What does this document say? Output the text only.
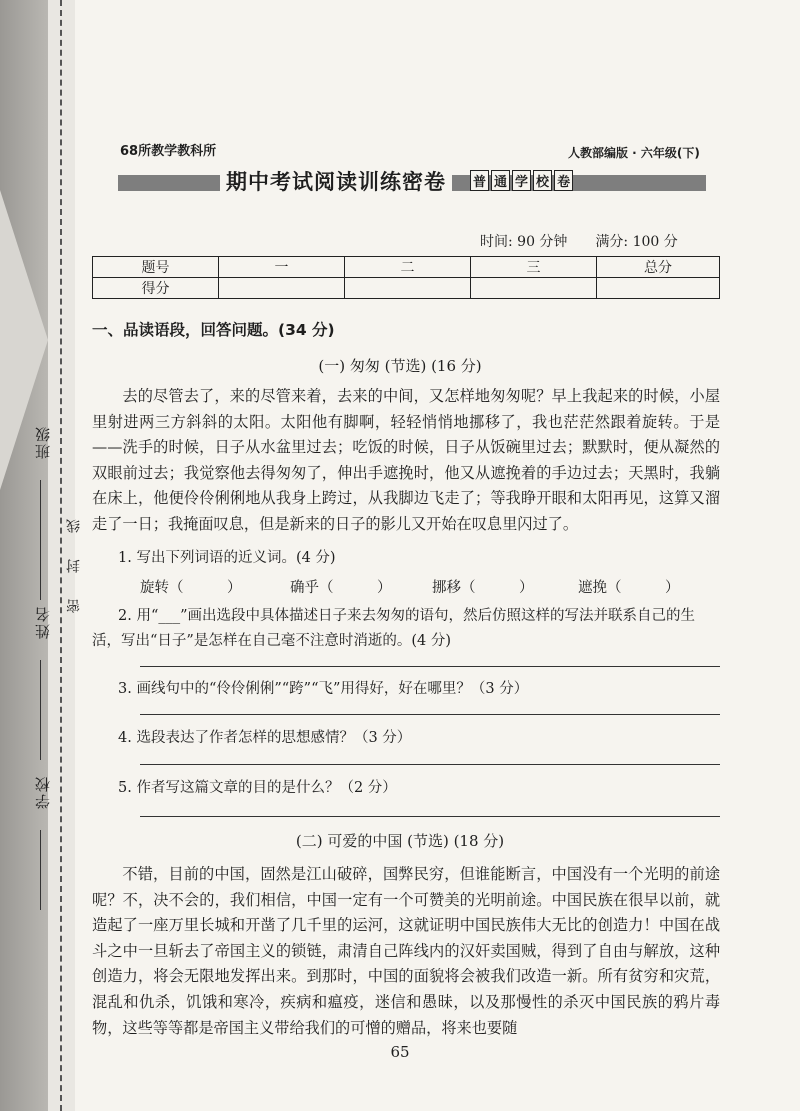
班级
姓名
学校
线
封
密
68所教学教科所	人教部编版 · 六年级(下)
期中考试阅读训练密卷	普 通 学 校 卷
时间: 90 分钟 满分: 100 分
题号	一	二	三	总分
得分				
一、品读语段，回答问题。(34 分)
(一) 匆匆 (节选) (16 分)
去的尽管去了，来的尽管来着，去来的中间，又怎样地匆匆呢？早上我起来的时候，小屋里射进两三方斜斜的太阳。太阳他有脚啊，轻轻悄悄地挪移了，我也茫茫然跟着旋转。于是——洗手的时候，日子从水盆里过去；吃饭的时候，日子从饭碗里过去；默默时，便从凝然的双眼前过去；我觉察他去得匆匆了，伸出手遮挽时，他又从遮挽着的手边过去；天黑时，我躺在床上，他便伶伶俐俐地从我身上跨过，从我脚边飞走了；等我睁开眼和太阳再见，这算又溜走了一日；我掩面叹息，但是新来的日子的影儿又开始在叹息里闪过了。
1. 写出下列词语的近义词。(4 分)
旋转（　　　）	确乎（　　　）	挪移（　　　）	遮挽（　　　）
2. 用“___”画出选段中具体描述日子来去匆匆的语句，然后仿照这样的写法并联系自己的生
活，写出“日子”是怎样在自己毫不注意时消逝的。(4 分)
3. 画线句中的“伶伶俐俐”“跨”“飞”用得好，好在哪里？（3 分）
4. 选段表达了作者怎样的思想感情？（3 分）
5. 作者写这篇文章的目的是什么？（2 分）
(二) 可爱的中国 (节选) (18 分)
不错，目前的中国，固然是江山破碎，国弊民穷，但谁能断言，中国没有一个光明的前途呢？不，决不会的，我们相信，中国一定有一个可赞美的光明前途。中国民族在很早以前，就造起了一座万里长城和开凿了几千里的运河，这就证明中国民族伟大无比的创造力！中国在战斗之中一旦斩去了帝国主义的锁链，肃清自己阵线内的汉奸卖国贼，得到了自由与解放，这种创造力，将会无限地发挥出来。到那时，中国的面貌将会被我们改造一新。所有贫穷和灾荒，混乱和仇杀，饥饿和寒冷，疾病和瘟疫，迷信和愚昧，以及那慢性的杀灭中国民族的鸦片毒物，这些等等都是帝国主义带给我们的可憎的赠品，将来也要随
65
